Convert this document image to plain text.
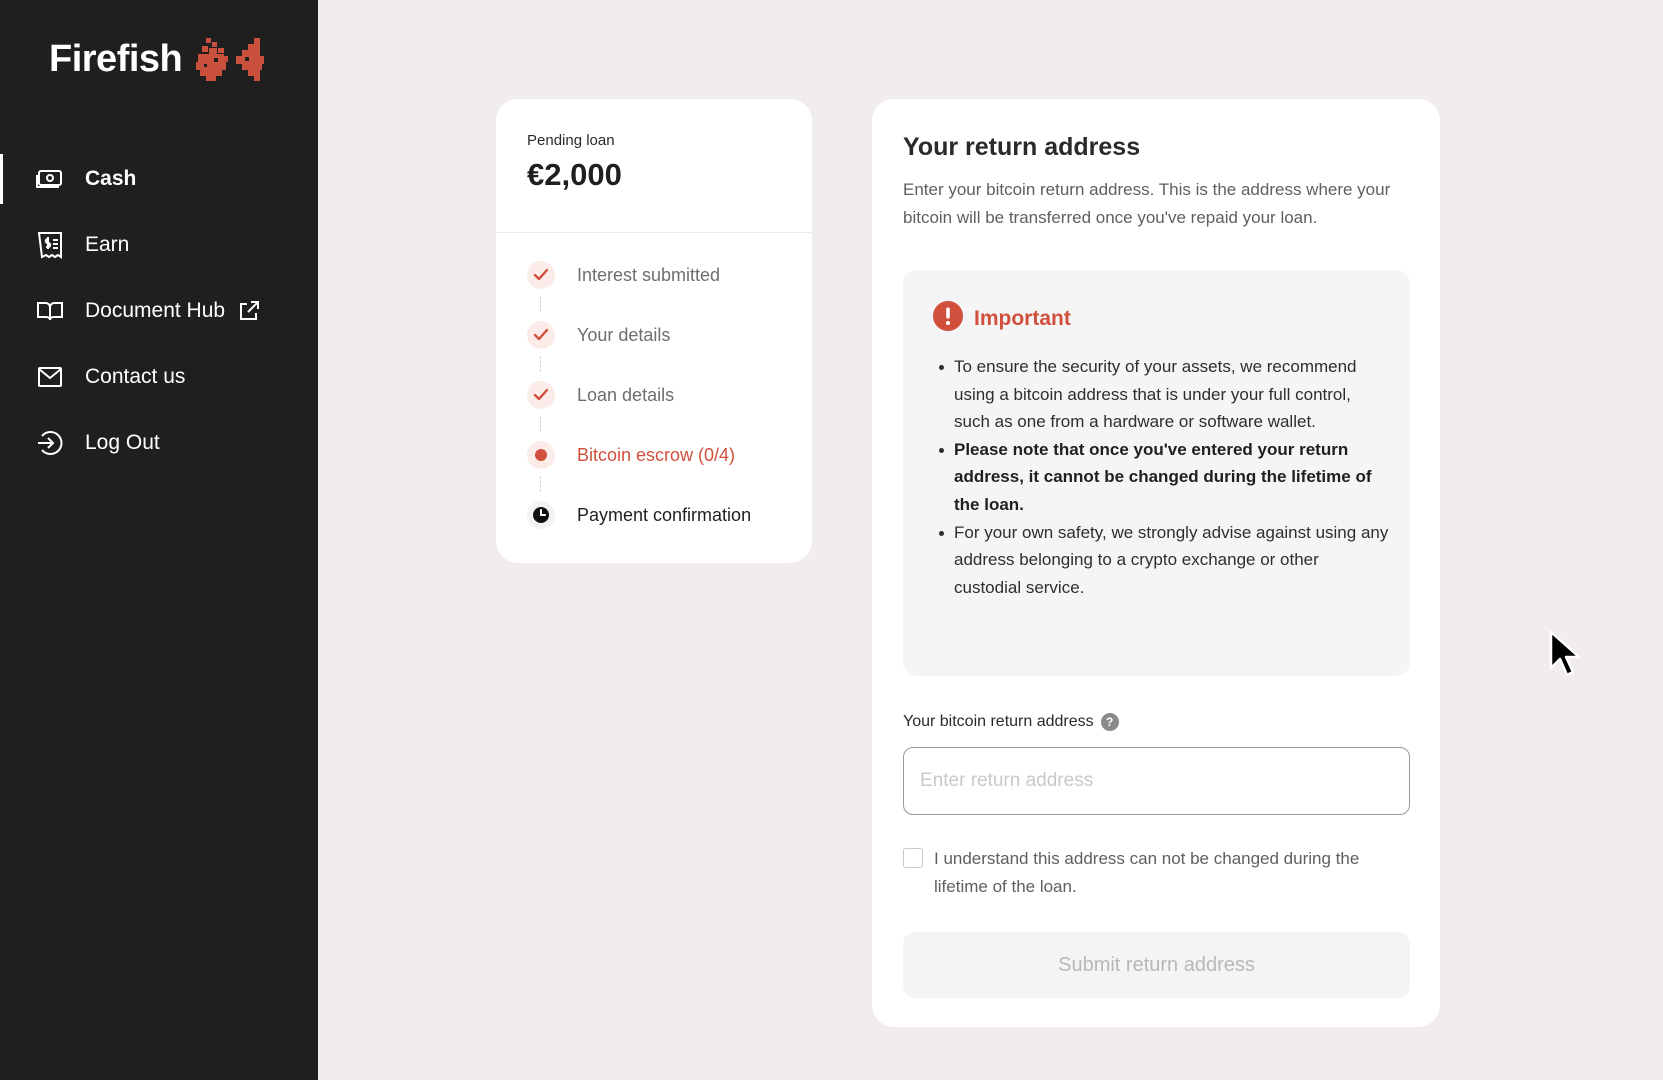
Firefish
Cash
Earn
Document Hub
Contact us
Log Out
Pending loan
€2,000
Interest submitted
Your details
Loan details
Bitcoin escrow (0/4)
Payment confirmation
Your return address

Enter your bitcoin return address. This is the address where your bitcoin will be transferred once you've repaid your loan.

Important
To ensure the security of your assets, we recommend using a bitcoin address that is under your full control, such as one from a hardware or software wallet.
Please note that once you've entered your return address, it cannot be changed during the lifetime of the loan.
For your own safety, we strongly advise against using any address belonging to a crypto exchange or other custodial service.
Your bitcoin return address	?
Enter return address
I understand this address can not be changed during the lifetime of the loan.
Submit return address
